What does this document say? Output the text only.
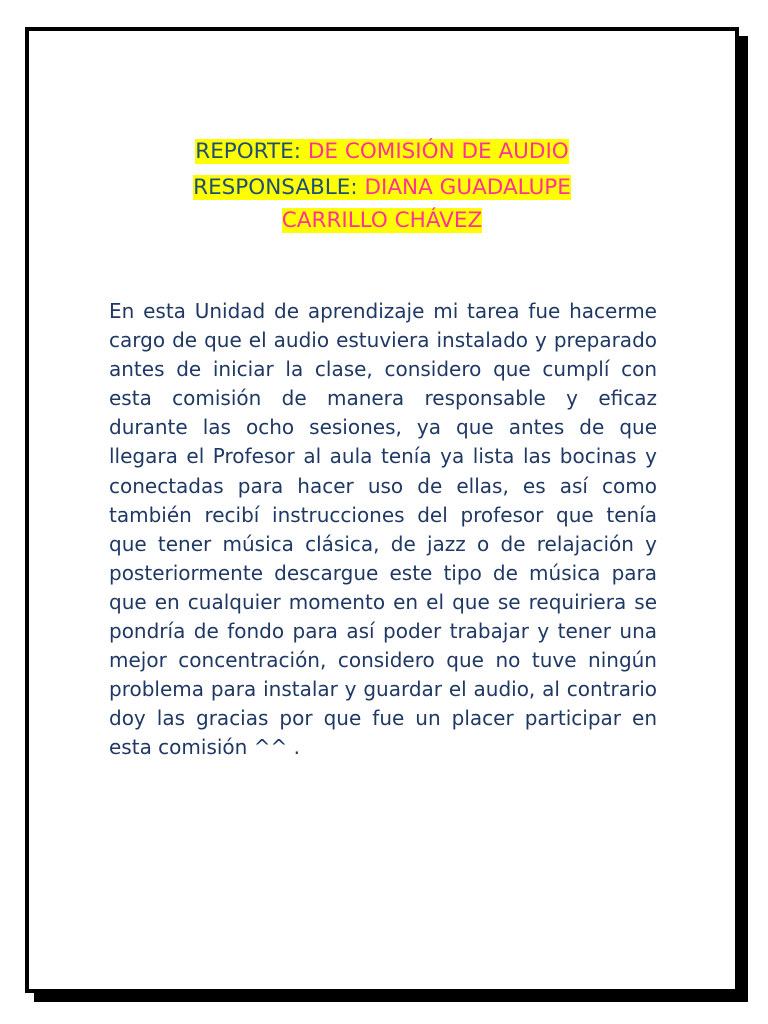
REPORTE: DE COMISIÓN DE AUDIO
RESPONSABLE: DIANA GUADALUPE CARRILLO CHÁVEZ

En esta Unidad de aprendizaje mi tarea fue hacerme cargo de que el audio estuviera instalado y preparado antes de iniciar la clase, considero que cumplí con esta comisión de manera responsable y eficaz durante las ocho sesiones, ya que antes de que llegara el Profesor al aula tenía ya lista las bocinas y conectadas para hacer uso de ellas, es así como también recibí instrucciones del profesor que tenía que tener música clásica, de jazz o de relajación y posteriormente descargue este tipo de música para que en cualquier momento en el que se requiriera se pondría de fondo para así poder trabajar y tener una mejor concentración, considero que no tuve ningún problema para instalar y guardar el audio, al contrario doy las gracias por que fue un placer participar en esta comisión ^^ .
